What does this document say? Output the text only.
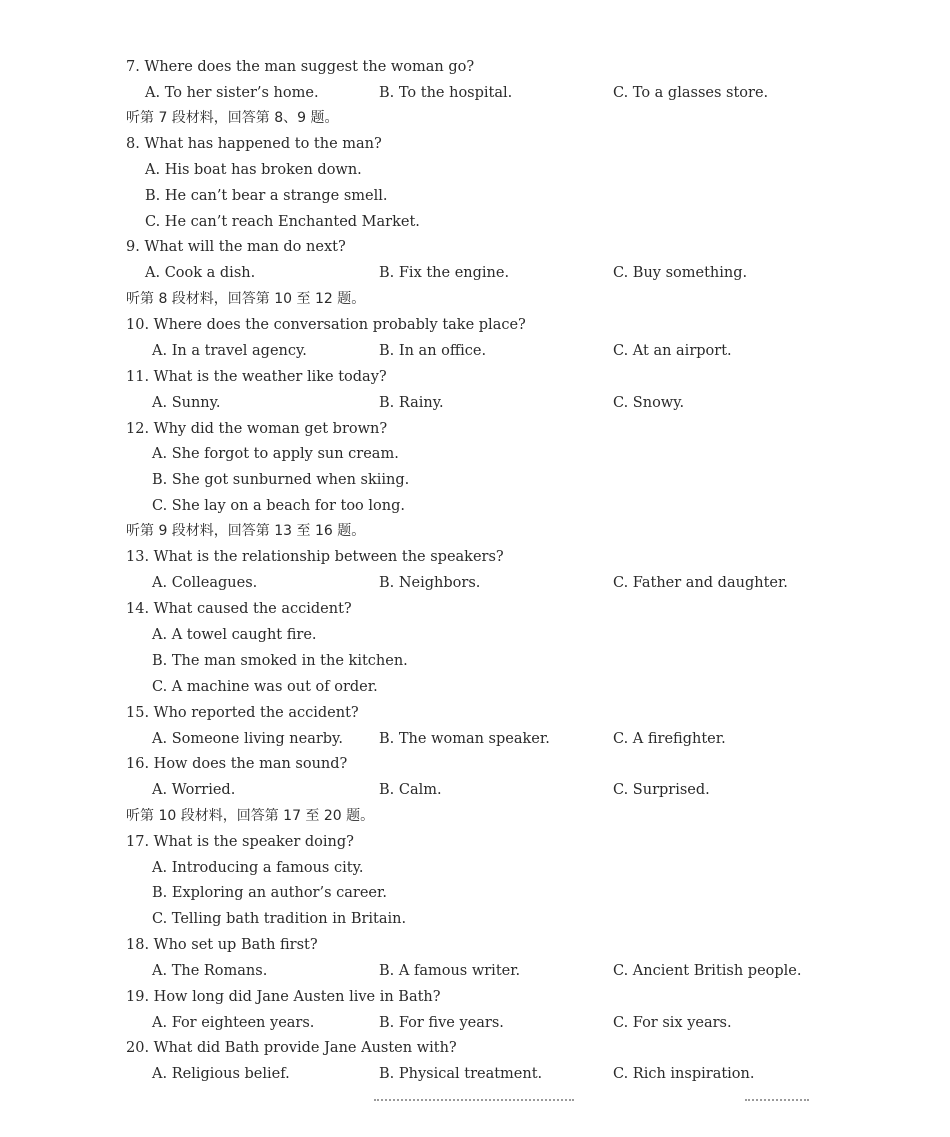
7. Where does the man suggest the woman go?
A. To her sister’s home.	B. To the hospital.	C. To a glasses store.
听第 7 段材料，回答第 8、9 题。
8. What has happened to the man?
A. His boat has broken down.
B. He can’t bear a strange smell.
C. He can’t reach Enchanted Market.
9. What will the man do next?
A. Cook a dish.	B. Fix the engine.	C. Buy something.
听第 8 段材料，回答第 10 至 12 题。
10. Where does the conversation probably take place?
A. In a travel agency.	B. In an office.	C. At an airport.
11. What is the weather like today?
A. Sunny.	B. Rainy.	C. Snowy.
12. Why did the woman get brown?
A. She forgot to apply sun cream.
B. She got sunburned when skiing.
C. She lay on a beach for too long.
听第 9 段材料，回答第 13 至 16 题。
13. What is the relationship between the speakers?
A. Colleagues.	B. Neighbors.	C. Father and daughter.
14. What caused the accident?
A. A towel caught fire.
B. The man smoked in the kitchen.
C. A machine was out of order.
15. Who reported the accident?
A. Someone living nearby. B. The woman speaker.	C. A firefighter.
16. How does the man sound?
A. Worried.	B. Calm.	C. Surprised.
听第 10 段材料，回答第 17 至 20 题。
17. What is the speaker doing?
A. Introducing a famous city.
B. Exploring an author’s career.
C. Telling bath tradition in Britain.
18. Who set up Bath first?
A. The Romans.	B. A famous writer.	C. Ancient British people.
19. How long did Jane Austen live in Bath?
A. For eighteen years.	B. For five years.	C. For six years.
20. What did Bath provide Jane Austen with?
A. Religious belief.	B. Physical treatment.	C. Rich inspiration.
